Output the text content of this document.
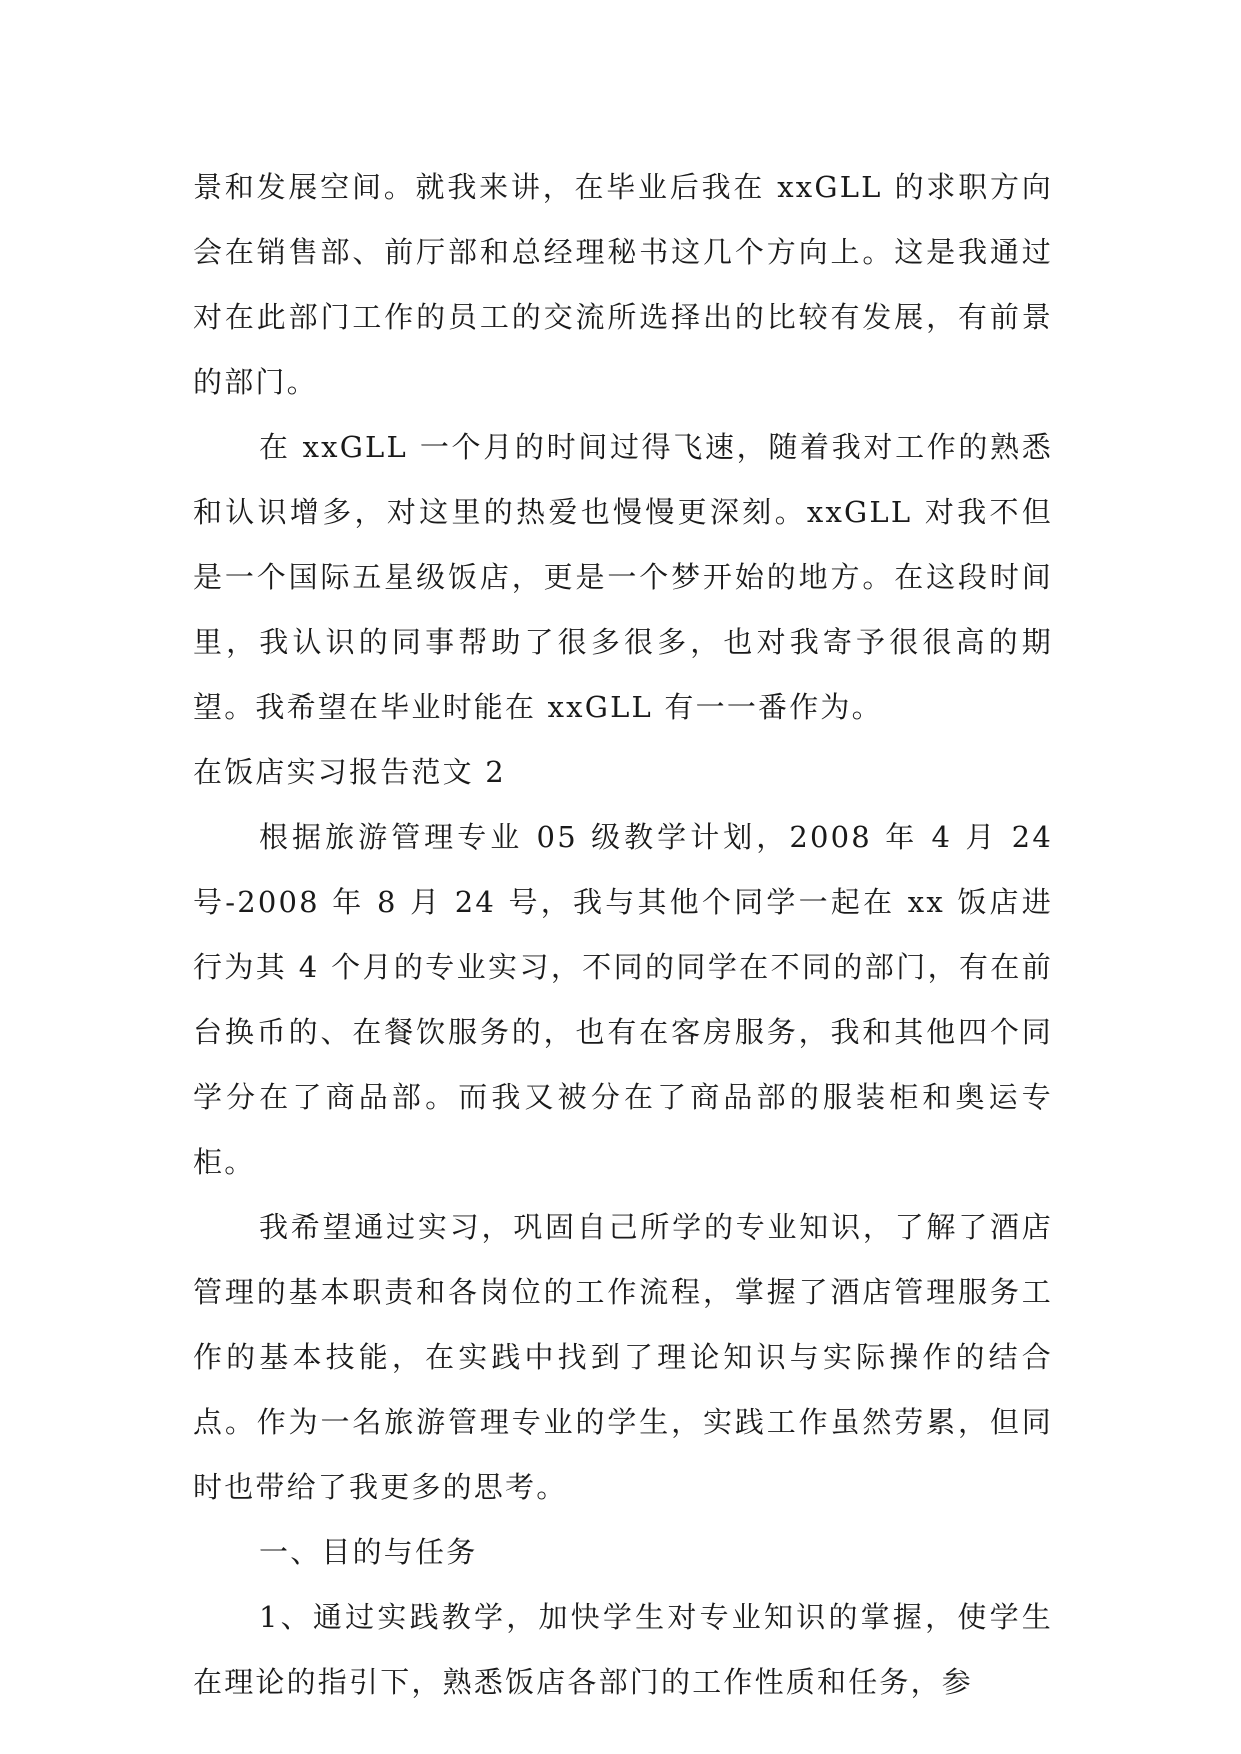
景和发展空间。就我来讲，在毕业后我在 xxGLL 的求职方向会在销售部、前厅部和总经理秘书这几个方向上。这是我通过对在此部门工作的员工的交流所选择出的比较有发展，有前景的部门。

在 xxGLL 一个月的时间过得飞速，随着我对工作的熟悉和认识增多，对这里的热爱也慢慢更深刻。xxGLL 对我不但是一个国际五星级饭店，更是一个梦开始的地方。在这段时间里，我认识的同事帮助了很多很多，也对我寄予很很高的期望。我希望在毕业时能在 xxGLL 有一一番作为。

在饭店实习报告范文 2

根据旅游管理专业 05 级教学计划，2008 年 4 月 24 号-2008 年 8 月 24 号，我与其他个同学一起在 xx 饭店进行为其 4 个月的专业实习，不同的同学在不同的部门，有在前台换币的、在餐饮服务的，也有在客房服务，我和其他四个同学分在了商品部。而我又被分在了商品部的服装柜和奥运专柜。

我希望通过实习，巩固自己所学的专业知识，了解了酒店管理的基本职责和各岗位的工作流程，掌握了酒店管理服务工作的基本技能，在实践中找到了理论知识与实际操作的结合点。作为一名旅游管理专业的学生，实践工作虽然劳累，但同时也带给了我更多的思考。

一、目的与任务

1、通过实践教学，加快学生对专业知识的掌握，使学生在理论的指引下，熟悉饭店各部门的工作性质和任务，参
